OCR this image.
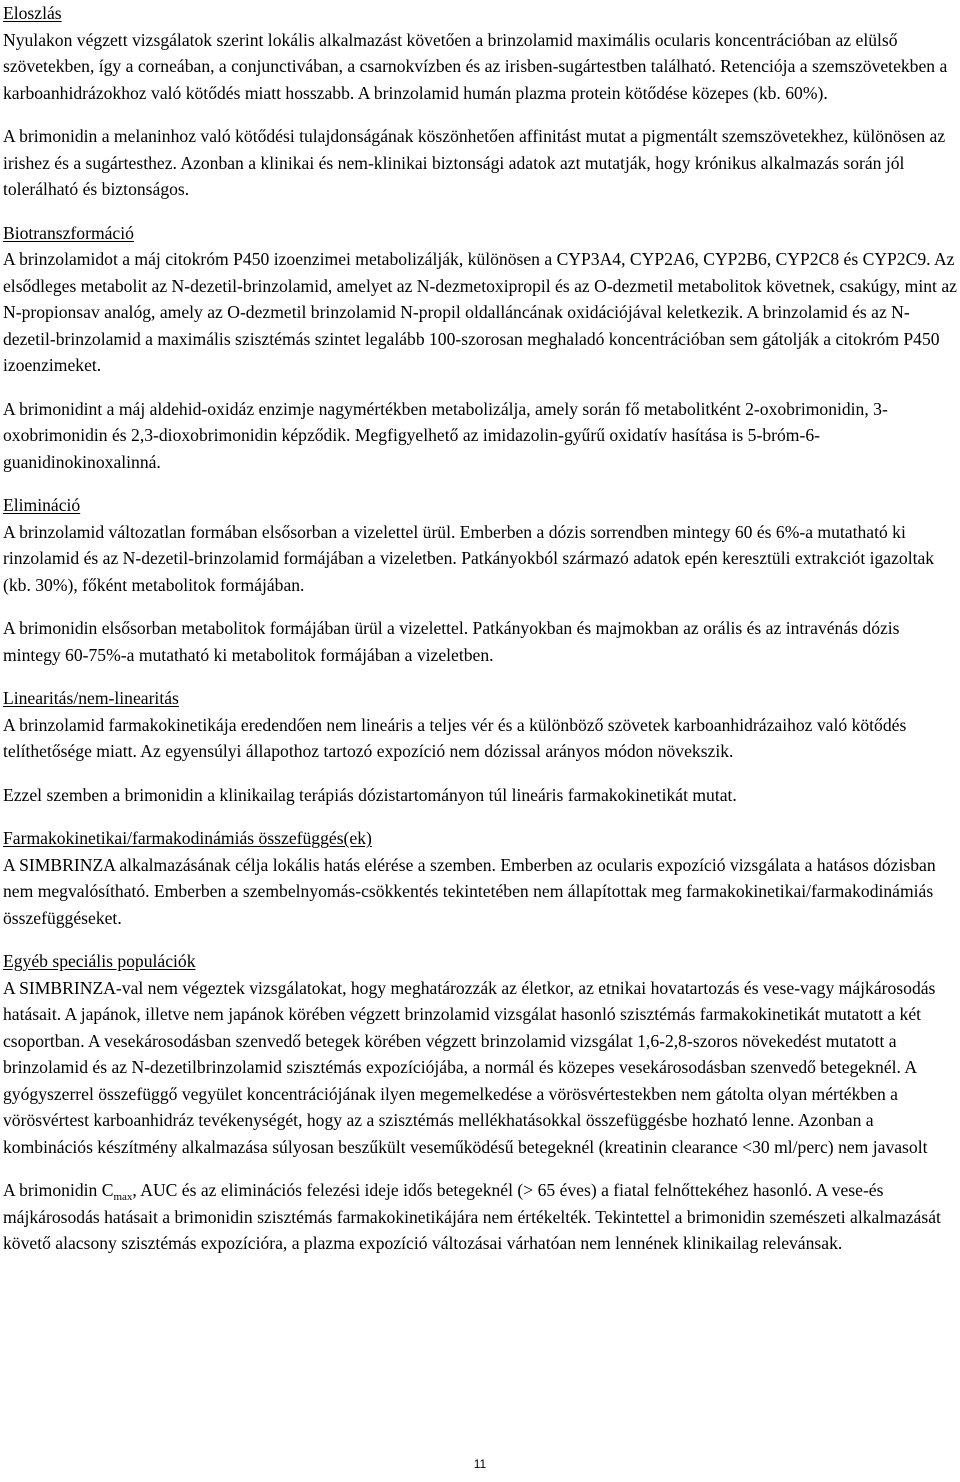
Eloszlás

Nyulakon végzett vizsgálatok szerint lokális alkalmazást követően a brinzolamid maximális ocularis koncentrációban az elülső szövetekben, így a corneában, a conjunctivában, a csarnokvízben és az irisben-sugártestben található. Retenciója a szemszövetekben a karboanhidrázokhoz való kötődés miatt hosszabb. A brinzolamid humán plazma protein kötődése közepes (kb. 60%).

A brimonidin a melaninhoz való kötődési tulajdonságának köszönhetően affinitást mutat a pigmentált szemszövetekhez, különösen az irishez és a sugártesthez. Azonban a klinikai és nem-klinikai biztonsági adatok azt mutatják, hogy krónikus alkalmazás során jól tolerálható és biztonságos.

Biotranszformáció

A brinzolamidot a máj citokróm P450 izoenzimei metabolizálják, különösen a CYP3A4, CYP2A6, CYP2B6, CYP2C8 és CYP2C9. Az elsődleges metabolit az N-dezetil-brinzolamid, amelyet az N-dezmetoxipropil és az O-dezmetil metabolitok követnek, csakúgy, mint az N-propionsav analóg, amely az O-dezmetil brinzolamid N-propil oldalláncának oxidációjával keletkezik. A brinzolamid és az N-dezetil-brinzolamid a maximális szisztémás szintet legalább 100-szorosan meghaladó koncentrációban sem gátolják a citokróm P450 izoenzimeket.

A brimonidint a máj aldehid-oxidáz enzimje nagymértékben metabolizálja, amely során fő metabolitként 2-oxobrimonidin, 3-oxobrimonidin és 2,3-dioxobrimonidin képződik. Megfigyelhető az imidazolin-gyűrű oxidatív hasítása is 5-bróm-6-guanidinokinoxalinná.

Elimináció

A brinzolamid változatlan formában elsősorban a vizelettel ürül. Emberben a dózis sorrendben mintegy 60 és 6%-a mutatható ki rinzolamid és az N-dezetil-brinzolamid formájában a vizeletben. Patkányokból származó adatok epén keresztüli extrakciót igazoltak (kb. 30%), főként metabolitok formájában.

A brimonidin elsősorban metabolitok formájában ürül a vizelettel. Patkányokban és majmokban az orális és az intravénás dózis mintegy 60-75%-a mutatható ki metabolitok formájában a vizeletben.

Linearitás/nem-linearitás

A brinzolamid farmakokinetikája eredendően nem lineáris a teljes vér és a különböző szövetek karboanhidrázaihoz való kötődés telíthetősége miatt. Az egyensúlyi állapothoz tartozó expozíció nem dózissal arányos módon növekszik.

Ezzel szemben a brimonidin a klinikailag terápiás dózistartományon túl lineáris farmakokinetikát mutat.

Farmakokinetikai/farmakodinámiás összefüggés(ek)

A SIMBRINZA alkalmazásának célja lokális hatás elérése a szemben. Emberben az ocularis expozíció vizsgálata a hatásos dózisban nem megvalósítható. Emberben a szembelnyomás-csökkentés tekintetében nem állapítottak meg farmakokinetikai/farmakodinámiás összefüggéseket.

Egyéb speciális populációk

A SIMBRINZA-val nem végeztek vizsgálatokat, hogy meghatározzák az életkor, az etnikai hovatartozás és vese-vagy májkárosodás hatásait. A japánok, illetve nem japánok körében végzett brinzolamid vizsgálat hasonló szisztémás farmakokinetikát mutatott a két csoportban. A vesekárosodásban szenvedő betegek körében végzett brinzolamid vizsgálat 1,6-2,8-szoros növekedést mutatott a brinzolamid és az N-dezetilbrinzolamid szisztémás expozíciójába, a normál és közepes vesekárosodásban szenvedő betegeknél. A gyógyszerrel összefüggő vegyület koncentrációjának ilyen megemelkedése a vörösvértestekben nem gátolta olyan mértékben a vörösvértest karboanhidráz tevékenységét, hogy az a szisztémás mellékhatásokkal összefüggésbe hozható lenne. Azonban a kombinációs készítmény alkalmazása súlyosan beszűkült veseműködésű betegeknél (kreatinin clearance <30 ml/perc) nem javasolt

A brimonidin $C_{max}$, AUC és az eliminációs felezési ideje idős betegeknél (> 65 éves) a fiatal felnőttekéhez hasonló. A vese-és májkárosodás hatásait a brimonidin szisztémás farmakokinetikájára nem értékelték. Tekintettel a brimonidin szemészeti alkalmazását követő alacsony szisztémás expozícióra, a plazma expozíció változásai várhatóan nem lennének klinikailag relevánsak.

11
